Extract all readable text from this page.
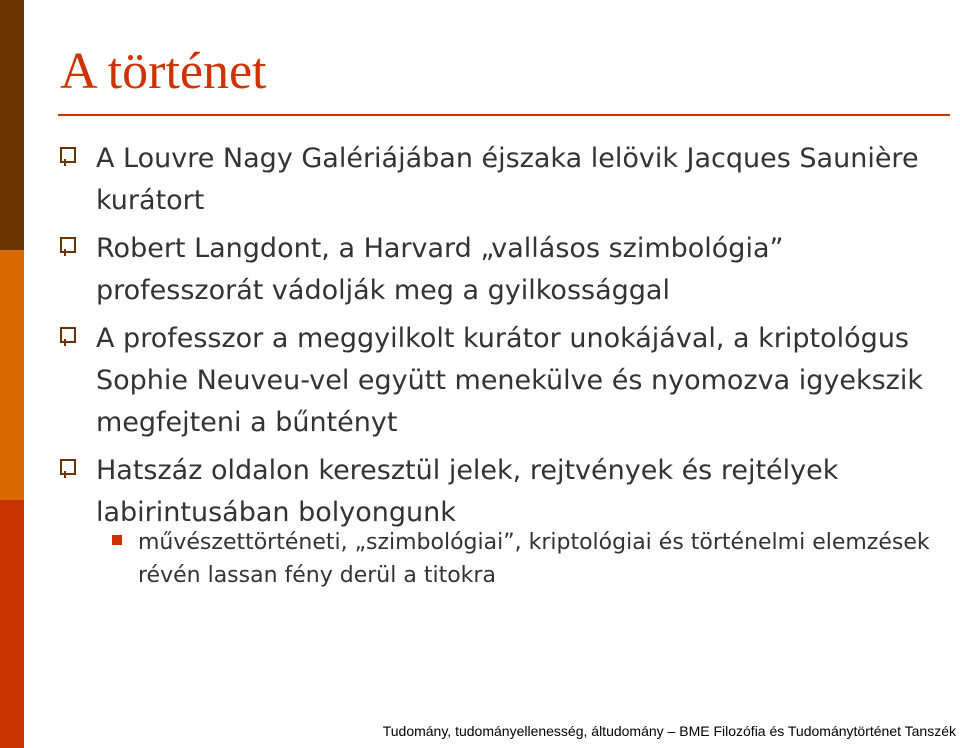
A történet
A Louvre Nagy Galériájában éjszaka lelövik Jacques Saunière kurátort
Robert Langdont, a Harvard „vallásos szimbológia” professzorát vádolják meg a gyilkossággal
A professzor a meggyilkolt kurátor unokájával, a kriptológus Sophie Neuveu-vel együtt menekülve és nyomozva igyekszik megfejteni a bűntényt
Hatszáz oldalon keresztül jelek, rejtvények és rejtélyek labirintusában bolyongunk
művészettörténeti, „szimbológiai”, kriptológiai és történelmi elemzések révén lassan fény derül a titokra
Tudomány, tudományellenesség, áltudomány – BME Filozófia és Tudománytörténet Tanszék
